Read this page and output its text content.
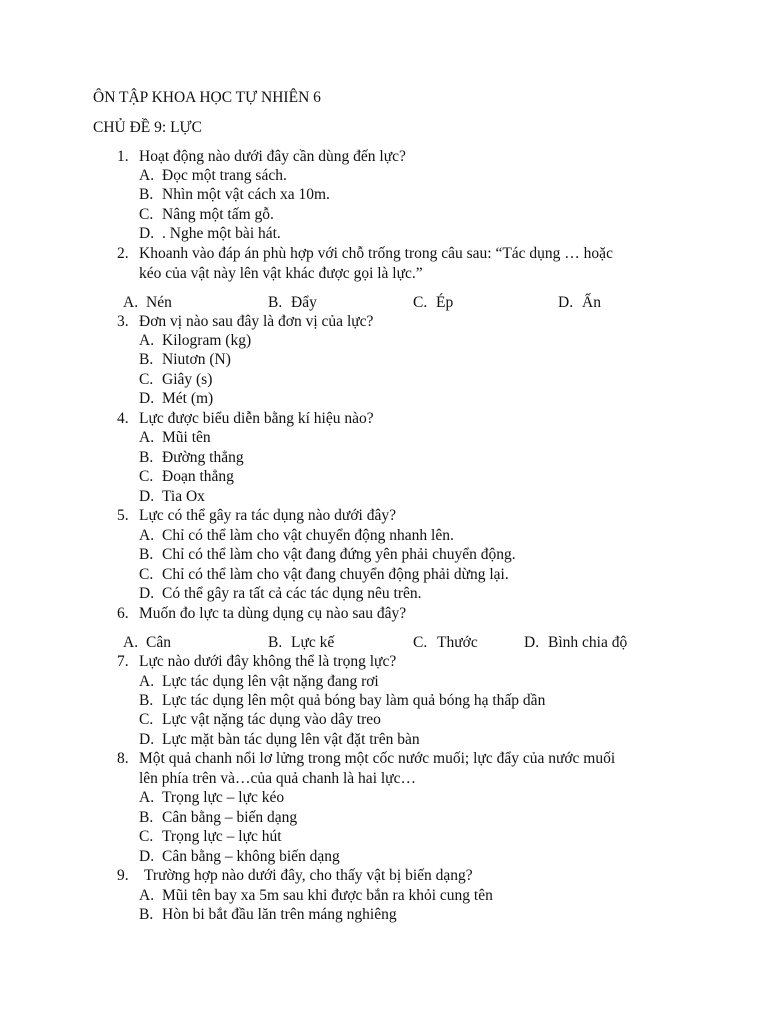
ÔN TẬP KHOA HỌC TỰ NHIÊN 6
CHỦ ĐỀ 9: LỰC
1. Hoạt động nào dưới đây cần dùng đến lực?
A. Đọc một trang sách.
B. Nhìn một vật cách xa 10m.
C. Nâng một tấm gỗ.
D. . Nghe một bài hát.
2. Khoanh vào đáp án phù hợp với chỗ trống trong câu sau: “Tác dụng … hoặc
kéo của vật này lên vật khác được gọi là lực.”
A. Nén	B. Đẩy	C. Ép	D. Ấn
3. Đơn vị nào sau đây là đơn vị của lực?
A. Kilogram (kg)
B. Niutơn (N)
C. Giây (s)
D. Mét (m)
4. Lực được biểu diễn bằng kí hiệu nào?
A. Mũi tên
B. Đường thẳng
C. Đoạn thẳng
D. Tia Ox
5. Lực có thể gây ra tác dụng nào dưới đây?
A. Chỉ có thể làm cho vật chuyển động nhanh lên.
B. Chỉ có thể làm cho vật đang đứng yên phải chuyển động.
C. Chỉ có thể làm cho vật đang chuyển động phải dừng lại.
D. Có thể gây ra tất cả các tác dụng nêu trên.
6. Muốn đo lực ta dùng dụng cụ nào sau đây?
A. Cân	B. Lực kế	C. Thước	D. Bình chia độ
7. Lực nào dưới đây không thể là trọng lực?
A. Lực tác dụng lên vật nặng đang rơi
B. Lực tác dụng lên một quả bóng bay làm quả bóng hạ thấp dần
C. Lực vật nặng tác dụng vào dây treo
D. Lực mặt bàn tác dụng lên vật đặt trên bàn
8. Một quả chanh nổi lơ lửng trong một cốc nước muối; lực đẩy của nước muối
lên phía trên và…của quả chanh là hai lực…
A. Trọng lực – lực kéo
B. Cân bằng – biến dạng
C. Trọng lực – lực hút
D. Cân bằng – không biến dạng
9. Trường hợp nào dưới đây, cho thấy vật bị biến dạng?
A. Mũi tên bay xa 5m sau khi được bắn ra khỏi cung tên
B. Hòn bi bắt đầu lăn trên máng nghiêng
